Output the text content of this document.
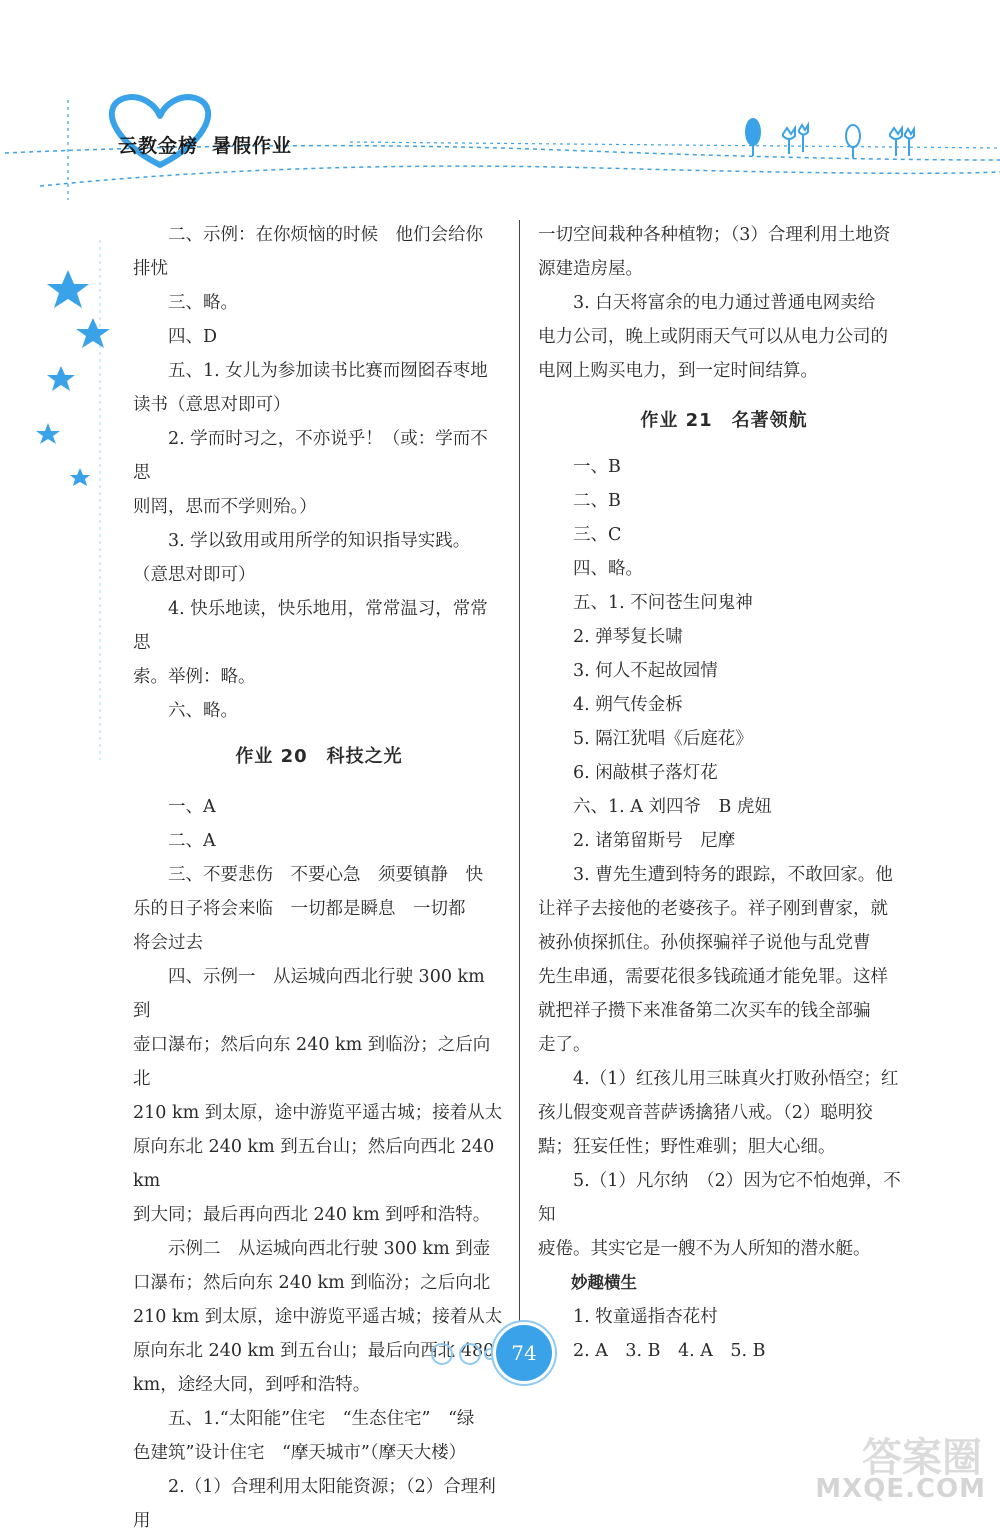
云教金榜 暑假作业

二、示例：在你烦恼的时候　他们会给你

排忧

三、略。

四、D

五、1. 女儿为参加读书比赛而囫囵吞枣地

读书（意思对即可）

2. 学而时习之，不亦说乎！（或：学而不思

则罔，思而不学则殆。）

3. 学以致用或用所学的知识指导实践。

（意思对即可）

4. 快乐地读，快乐地用，常常温习，常常思

索。举例：略。

六、略。

作业 20　科技之光

一、A

二、A

三、不要悲伤　不要心急　须要镇静　快

乐的日子将会来临　一切都是瞬息　一切都

将会过去

四、示例一　从运城向西北行驶 300 km 到

壶口瀑布；然后向东 240 km 到临汾；之后向北

210 km 到太原，途中游览平遥古城；接着从太

原向东北 240 km 到五台山；然后向西北 240 km

到大同；最后再向西北 240 km 到呼和浩特。

示例二　从运城向西北行驶 300 km 到壶

口瀑布；然后向东 240 km 到临汾；之后向北

210 km 到太原，途中游览平遥古城；接着从太

原向东北 240 km 到五台山；最后向西北 480

km，途经大同，到呼和浩特。

五、1.“太阳能”住宅　“生态住宅”　“绿

色建筑”设计住宅　“摩天城市”（摩天大楼）

2.（1）合理利用太阳能资源；（2）合理利用

一切空间栽种各种植物；（3）合理利用土地资

源建造房屋。

3. 白天将富余的电力通过普通电网卖给

电力公司，晚上或阴雨天气可以从电力公司的

电网上购买电力，到一定时间结算。

作业 21　名著领航

一、B

二、B

三、C

四、略。

五、1. 不问苍生问鬼神

2. 弹琴复长啸

3. 何人不起故园情

4. 朔气传金柝

5. 隔江犹唱《后庭花》

6. 闲敲棋子落灯花

六、1. A 刘四爷　B 虎妞

2. 诸第留斯号　尼摩

3. 曹先生遭到特务的跟踪，不敢回家。他

让祥子去接他的老婆孩子。祥子刚到曹家，就

被孙侦探抓住。孙侦探骗祥子说他与乱党曹

先生串通，需要花很多钱疏通才能免罪。这样

就把祥子攒下来准备第二次买车的钱全部骗

走了。

4.（1）红孩儿用三昧真火打败孙悟空；红

孩儿假变观音菩萨诱擒猪八戒。（2）聪明狡

黠；狂妄任性；野性难驯；胆大心细。

5.（1）凡尔纳　（2）因为它不怕炮弹，不知

疲倦。其实它是一艘不为人所知的潜水艇。

妙趣横生

1. 牧童遥指杏花村

2. A　3. B　4. A　5. B

74
答案圈
MXQE.COM
